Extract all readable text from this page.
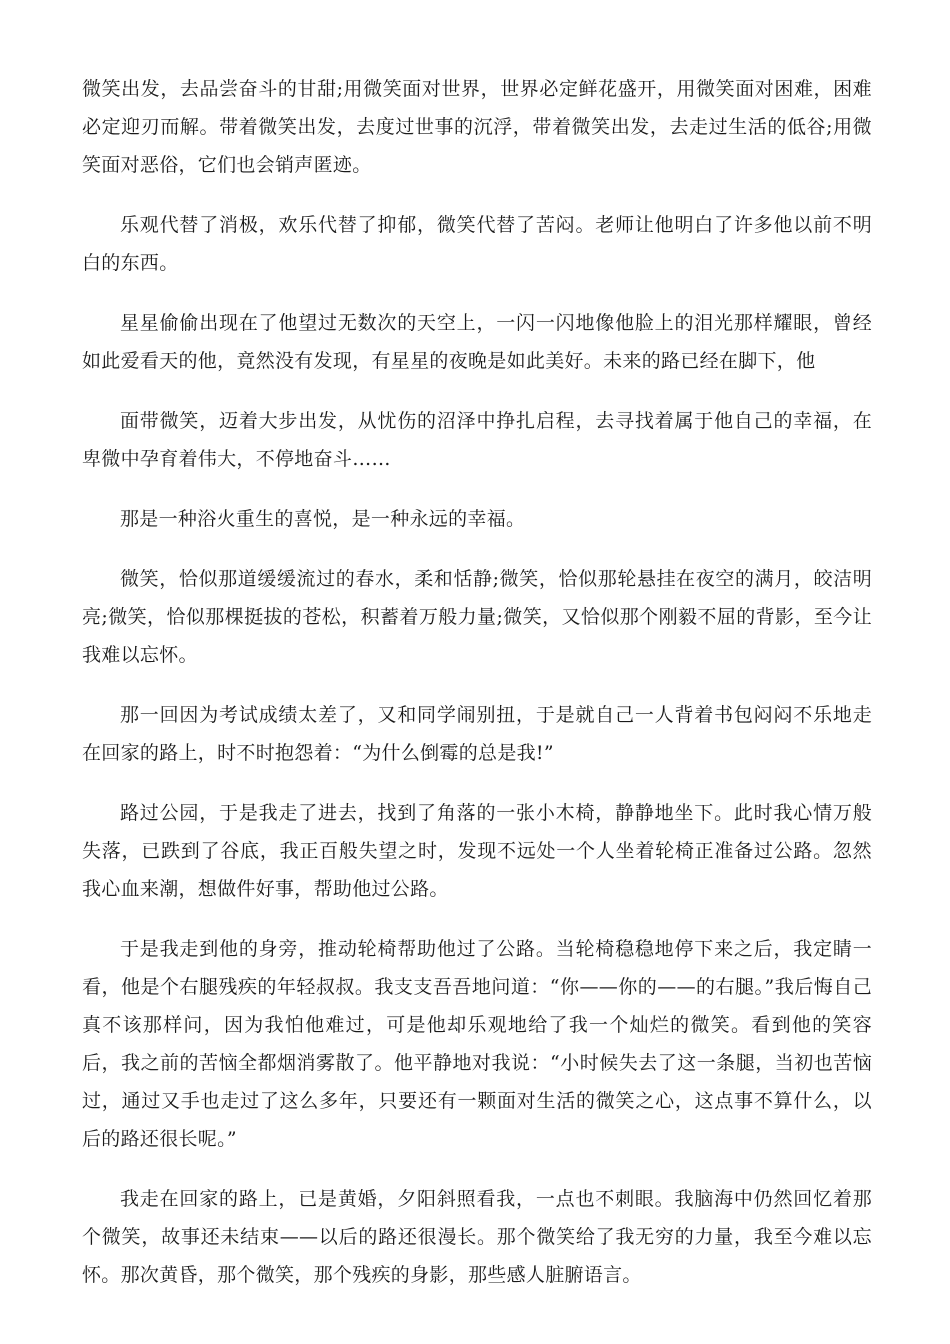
微笑出发，去品尝奋斗的甘甜;用微笑面对世界，世界必定鲜花盛开，用微笑面对困难，困难必定迎刃而解。带着微笑出发，去度过世事的沉浮，带着微笑出发，去走过生活的低谷;用微笑面对恶俗，它们也会销声匿迹。

乐观代替了消极，欢乐代替了抑郁，微笑代替了苦闷。老师让他明白了许多他以前不明白的东西。

星星偷偷出现在了他望过无数次的天空上，一闪一闪地像他脸上的泪光那样耀眼，曾经如此爱看天的他，竟然没有发现，有星星的夜晚是如此美好。未来的路已经在脚下，他

面带微笑，迈着大步出发，从忧伤的沼泽中挣扎启程，去寻找着属于他自己的幸福，在卑微中孕育着伟大，不停地奋斗……

那是一种浴火重生的喜悦，是一种永远的幸福。

微笑，恰似那道缓缓流过的春水，柔和恬静;微笑，恰似那轮悬挂在夜空的满月，皎洁明亮;微笑，恰似那棵挺拔的苍松，积蓄着万般力量;微笑，又恰似那个刚毅不屈的背影，至今让我难以忘怀。

那一回因为考试成绩太差了，又和同学闹别扭，于是就自己一人背着书包闷闷不乐地走在回家的路上，时不时抱怨着：“为什么倒霉的总是我!”

路过公园，于是我走了进去，找到了角落的一张小木椅，静静地坐下。此时我心情万般失落，已跌到了谷底，我正百般失望之时，发现不远处一个人坐着轮椅正准备过公路。忽然我心血来潮，想做件好事，帮助他过公路。

于是我走到他的身旁，推动轮椅帮助他过了公路。当轮椅稳稳地停下来之后，我定睛一看，他是个右腿残疾的年轻叔叔。我支支吾吾地问道：“你——你的——的右腿。”我后悔自己真不该那样问，因为我怕他难过，可是他却乐观地给了我一个灿烂的微笑。看到他的笑容后，我之前的苦恼全都烟消雾散了。他平静地对我说：“小时候失去了这一条腿，当初也苦恼过，通过又手也走过了这么多年，只要还有一颗面对生活的微笑之心，这点事不算什么，以后的路还很长呢。”

我走在回家的路上，已是黄婚，夕阳斜照看我，一点也不刺眼。我脑海中仍然回忆着那个微笑，故事还未结束——以后的路还很漫长。那个微笑给了我无穷的力量，我至今难以忘怀。那次黄昏，那个微笑，那个残疾的身影，那些感人脏腑语言。
